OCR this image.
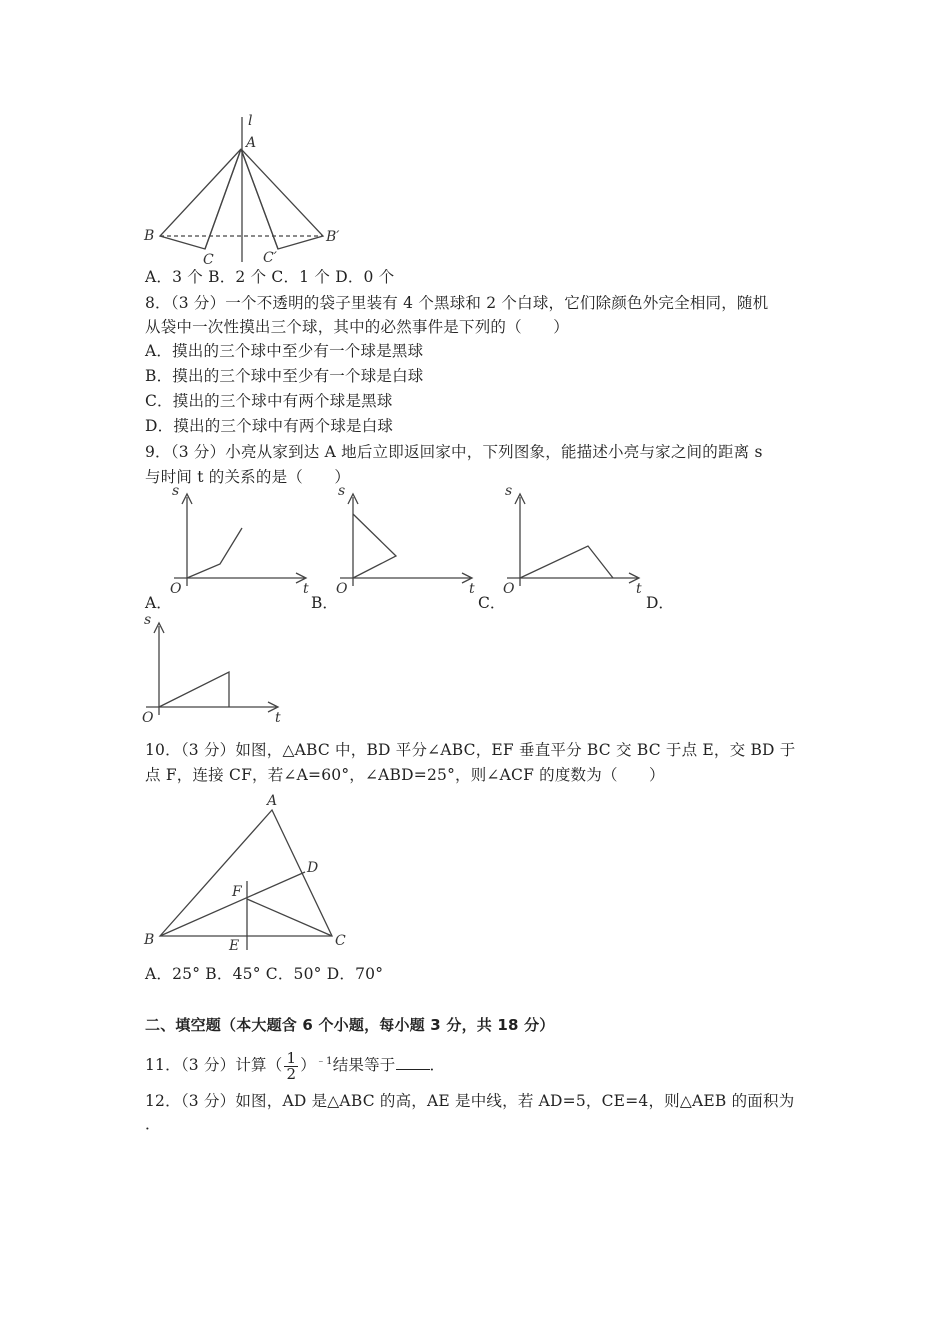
l
A
B
C	C′
B′
A．3 个 B．2 个 C．1 个 D．0 个
8．（3 分）一个不透明的袋子里装有 4 个黑球和 2 个白球，它们除颜色外完全相同，随机
从袋中一次性摸出三个球，其中的必然事件是下列的（　　）
A．摸出的三个球中至少有一个球是黑球
B．摸出的三个球中至少有一个球是白球
C．摸出的三个球中有两个球是黑球
D．摸出的三个球中有两个球是白球
9．（3 分）小亮从家到达 A 地后立即返回家中，下列图象，能描述小亮与家之间的距离 s
与时间 t 的关系的是（　　）
s
O	t
A．
s
O	t
B．
s
O	t
C．	D．
s
O	t
10．（3 分）如图，△ABC 中，BD 平分∠ABC，EF 垂直平分 BC 交 BC 于点 E，交 BD 于
点 F，连接 CF，若∠A=60°，∠ABD=25°，则∠ACF 的度数为（　　）
A
B	C
D
E
F
A．25° B．45° C．50° D．70°
二、填空题（本大题含 6 个小题，每小题 3 分，共 18 分）
11．（3 分）计算（ $\frac{1}{2} )^{﹣1}$结果等于 ．
12．（3 分）如图，AD 是△ABC 的高，AE 是中线，若 AD=5，CE=4，则△AEB 的面积为
．
